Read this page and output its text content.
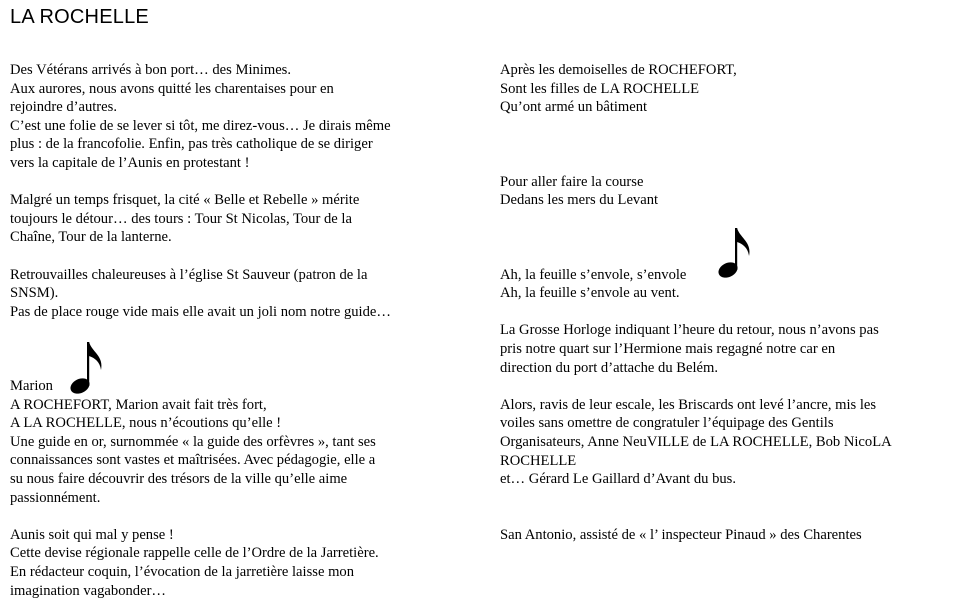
LA ROCHELLE
Des Vétérans arrivés à bon port… des Minimes.
Aux aurores, nous avons quitté les charentaises pour en
rejoindre d’autres.
C’est une folie de se lever si tôt, me direz-vous… Je dirais même
plus : de la francofolie. Enfin, pas très catholique de se diriger
vers la capitale de l’Aunis en protestant !
Malgré un temps frisquet, la cité « Belle et Rebelle » mérite
toujours le détour… des tours : Tour St Nicolas, Tour de la
Chaîne, Tour de la lanterne.
Retrouvailles chaleureuses à l’église St Sauveur (patron de la
SNSM).
Pas de place rouge vide mais elle avait un joli nom notre guide…
Marion
A ROCHEFORT, Marion avait fait très fort,
A LA ROCHELLE, nous n’écoutions qu’elle !
Une guide en or, surnommée « la guide des orfèvres », tant ses
connaissances sont vastes et maîtrisées. Avec pédagogie, elle a
su nous faire découvrir des trésors de la ville qu’elle aime
passionnément.
Aunis soit qui mal y pense !
Cette devise régionale rappelle celle de l’Ordre de la Jarretière.
En rédacteur coquin, l’évocation de la jarretière laisse mon
imagination vagabonder…
Après les demoiselles de ROCHEFORT,
Sont les filles de LA ROCHELLE
Qu’ont armé un bâtiment
Pour aller faire la course
Dedans les mers du Levant
Ah, la feuille s’envole, s’envole
Ah, la feuille s’envole au vent.
La Grosse Horloge indiquant l’heure du retour, nous n’avons pas
pris notre quart sur l’Hermione mais regagné notre car en
direction du port d’attache du Belém.
Alors, ravis de leur escale, les Briscards ont levé l’ancre, mis les
voiles sans omettre de congratuler l’équipage des Gentils
Organisateurs, Anne NeuVILLE de LA ROCHELLE, Bob NicoLA
ROCHELLE
et… Gérard Le Gaillard d’Avant du bus.
San Antonio, assisté de « l’ inspecteur Pinaud » des Charentes
